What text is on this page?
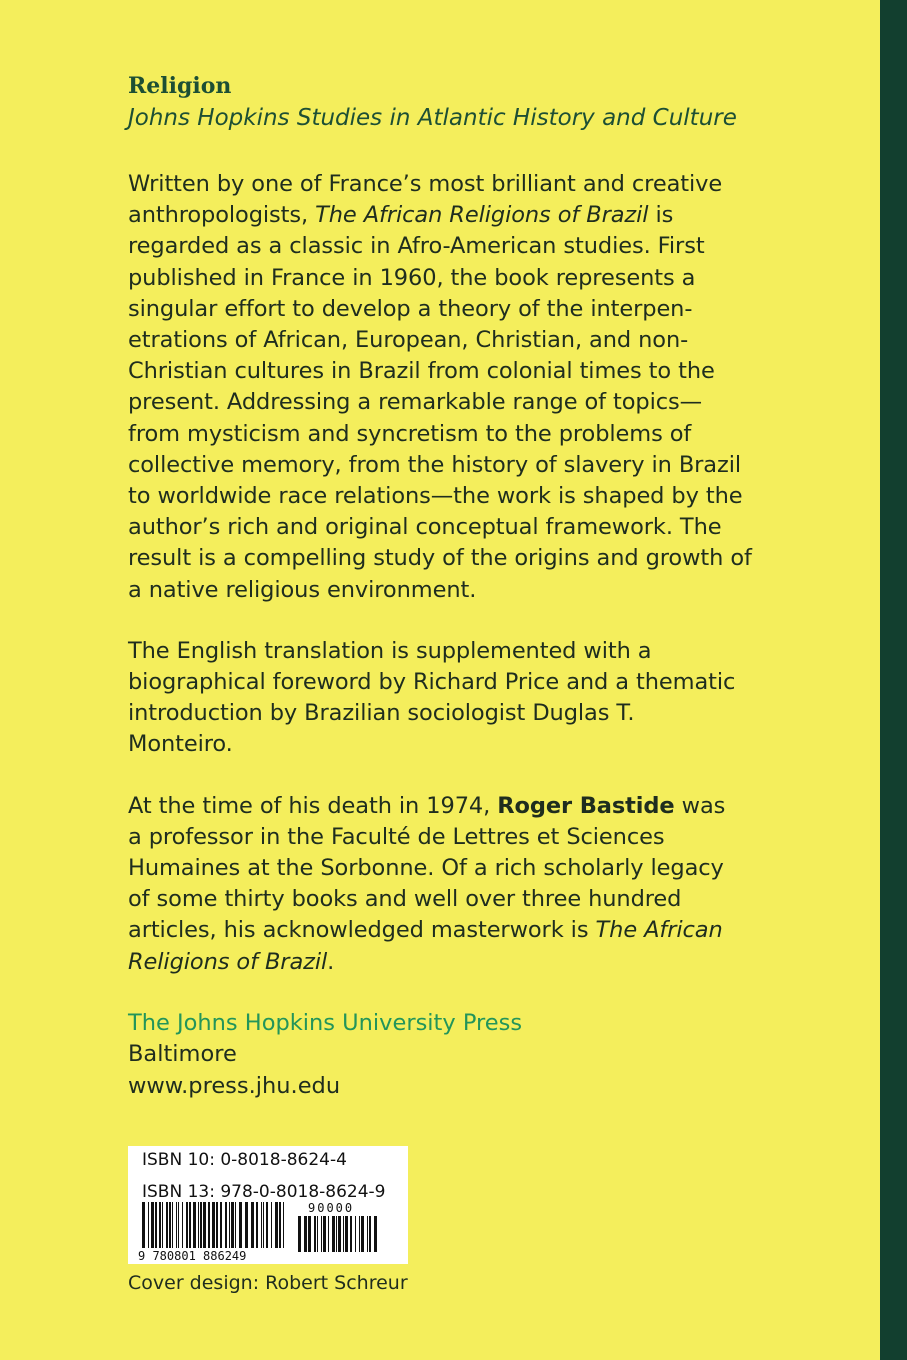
Religion
Johns Hopkins Studies in Atlantic History and Culture

Written by one of France’s most brilliant and creative
anthropologists, The African Religions of Brazil is
regarded as a classic in Afro-American studies. First
published in France in 1960, the book represents a
singular effort to develop a theory of the interpen-
etrations of African, European, Christian, and non-
Christian cultures in Brazil from colonial times to the
present. Addressing a remarkable range of topics—
from mysticism and syncretism to the problems of
collective memory, from the history of slavery in Brazil
to worldwide race relations—the work is shaped by the
author’s rich and original conceptual framework. The
result is a compelling study of the origins and growth of
a native religious environment.

The English translation is supplemented with a
biographical foreword by Richard Price and a thematic
introduction by Brazilian sociologist Duglas T.
Monteiro.

At the time of his death in 1974, Roger Bastide was
a professor in the Faculté de Lettres et Sciences
Humaines at the Sorbonne. Of a rich scholarly legacy
of some thirty books and well over three hundred
articles, his acknowledged masterwork is The African
Religions of Brazil.

The Johns Hopkins University Press
Baltimore
www.press.jhu.edu
ISBN 10: 0-8018-8624-4
ISBN 13: 978-0-8018-8624-9
9 780801 886249
90000
Cover design: Robert Schreur
